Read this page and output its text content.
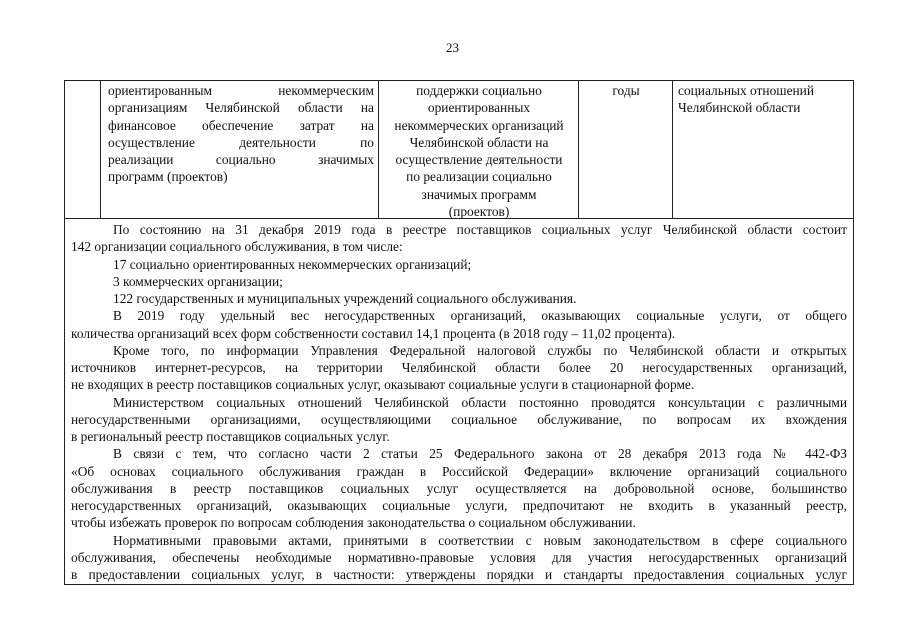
23
ориентированным некоммерческим
организациям Челябинской области на
финансовое обеспечение затрат на
осуществление деятельности по
реализации социально значимых
программ (проектов)
поддержки социально
ориентированных
некоммерческих организаций
Челябинской области на
осуществление деятельности
по реализации социально
значимых программ
(проектов)
годы	социальных отношений
Челябинской области
По состоянию на 31 декабря 2019 года в реестре поставщиков социальных услуг Челябинской области состоит
142 организации социального обслуживания, в том числе:
17 социально ориентированных некоммерческих организаций;
3 коммерческих организации;
122 государственных и муниципальных учреждений социального обслуживания.
В 2019 году удельный вес негосударственных организаций, оказывающих социальные услуги, от общего
количества организаций всех форм собственности составил 14,1 процента (в 2018 году – 11,02 процента).
Кроме того, по информации Управления Федеральной налоговой службы по Челябинской области и открытых
источников интернет-ресурсов, на территории Челябинской области более 20 негосударственных организаций,
не входящих в реестр поставщиков социальных услуг, оказывают социальные услуги в стационарной форме.
Министерством социальных отношений Челябинской области постоянно проводятся консультации с различными
негосударственными организациями, осуществляющими социальное обслуживание, по вопросам их вхождения
в региональный реестр поставщиков социальных услуг.
В связи с тем, что согласно части 2 статьи 25 Федерального закона от 28 декабря 2013 года № 442-ФЗ
«Об основах социального обслуживания граждан в Российской Федерации» включение организаций социального
обслуживания в реестр поставщиков социальных услуг осуществляется на добровольной основе, большинство
негосударственных организаций, оказывающих социальные услуги, предпочитают не входить в указанный реестр,
чтобы избежать проверок по вопросам соблюдения законодательства о социальном обслуживании.
Нормативными правовыми актами, принятыми в соответствии с новым законодательством в сфере социального
обслуживания, обеспечены необходимые нормативно-правовые условия для участия негосударственных организаций
в предоставлении социальных услуг, в частности: утверждены порядки и стандарты предоставления социальных услуг
